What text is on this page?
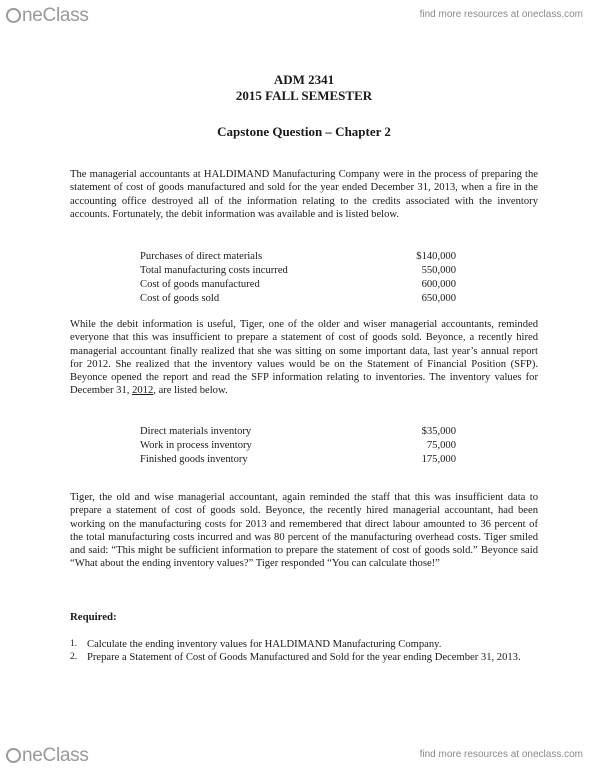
neClass	find more resources at oneclass.com
ADM 2341
2015 FALL SEMESTER
Capstone Question – Chapter 2
The managerial accountants at HALDIMAND Manufacturing Company were in the process of preparing the statement of cost of goods manufactured and sold for the year ended December 31, 2013, when a fire in the accounting office destroyed all of the information relating to the credits associated with the inventory accounts. Fortunately, the debit information was available and is listed below.
Purchases of direct materials	$140,000
Total manufacturing costs incurred	550,000
Cost of goods manufactured	600,000
Cost of goods sold	650,000
While the debit information is useful, Tiger, one of the older and wiser managerial accountants, reminded everyone that this was insufficient to prepare a statement of cost of goods sold. Beyonce, a recently hired managerial accountant finally realized that she was sitting on some important data, last year’s annual report for 2012. She realized that the inventory values would be on the Statement of Financial Position (SFP). Beyonce opened the report and read the SFP information relating to inventories. The inventory values for December 31, 2012, are listed below.
Direct materials inventory	$35,000
Work in process inventory	75,000
Finished goods inventory	175,000
Tiger, the old and wise managerial accountant, again reminded the staff that this was insufficient data to prepare a statement of cost of goods sold. Beyonce, the recently hired managerial accountant, had been working on the manufacturing costs for 2013 and remembered that direct labour amounted to 36 percent of the total manufacturing costs incurred and was 80 percent of the manufacturing overhead costs. Tiger smiled and said: “This might be sufficient information to prepare the statement of cost of goods sold.” Beyonce said “What about the ending inventory values?” Tiger responded “You can calculate those!”
Required:
1. Calculate the ending inventory values for HALDIMAND Manufacturing Company.
2. Prepare a Statement of Cost of Goods Manufactured and Sold for the year ending December 31, 2013.
neClass	find more resources at oneclass.com
